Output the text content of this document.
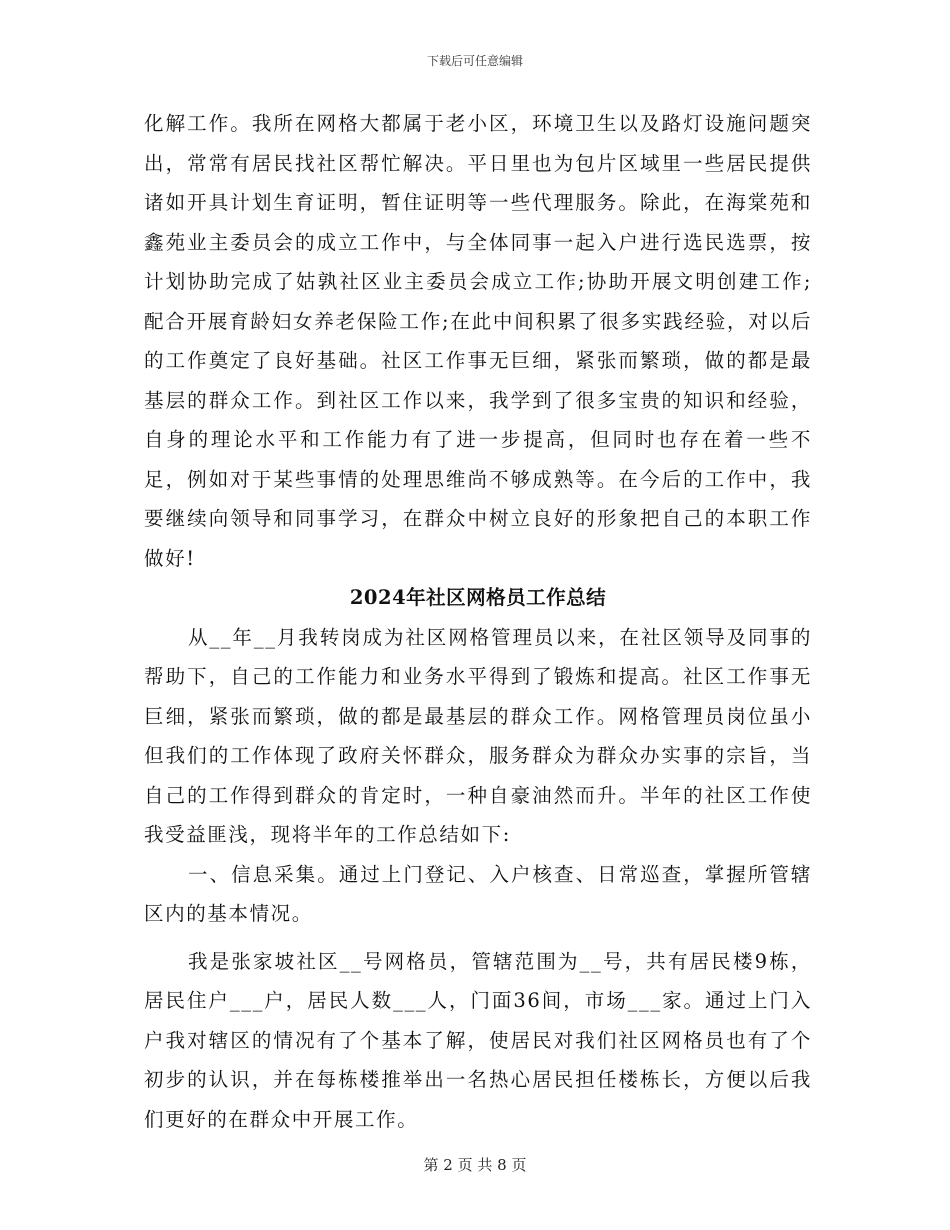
下载后可任意编辑

化解工作。我所在网格大都属于老小区，环境卫生以及路灯设施问题突出，常常有居民找社区帮忙解决。平日里也为包片区域里一些居民提供诸如开具计划生育证明，暂住证明等一些代理服务。除此，在海棠苑和鑫苑业主委员会的成立工作中，与全体同事一起入户进行选民选票，按计划协助完成了姑孰社区业主委员会成立工作;协助开展文明创建工作;配合开展育龄妇女养老保险工作;在此中间积累了很多实践经验，对以后的工作奠定了良好基础。社区工作事无巨细，紧张而繁琐，做的都是最基层的群众工作。到社区工作以来，我学到了很多宝贵的知识和经验，自身的理论水平和工作能力有了进一步提高，但同时也存在着一些不足，例如对于某些事情的处理思维尚不够成熟等。在今后的工作中，我要继续向领导和同事学习，在群众中树立良好的形象把自己的本职工作做好!

2024年社区网格员工作总结

从__年__月我转岗成为社区网格管理员以来，在社区领导及同事的帮助下，自己的工作能力和业务水平得到了锻炼和提高。社区工作事无巨细，紧张而繁琐，做的都是最基层的群众工作。网格管理员岗位虽小但我们的工作体现了政府关怀群众，服务群众为群众办实事的宗旨，当自己的工作得到群众的肯定时，一种自豪油然而升。半年的社区工作使我受益匪浅，现将半年的工作总结如下:

一、信息采集。通过上门登记、入户核查、日常巡查，掌握所管辖区内的基本情况。

我是张家坡社区__号网格员，管辖范围为__号，共有居民楼9栋，居民住户___户，居民人数___人，门面36间，市场___家。通过上门入户我对辖区的情况有了个基本了解，使居民对我们社区网格员也有了个初步的认识，并在每栋楼推举出一名热心居民担任楼栋长，方便以后我们更好的在群众中开展工作。

第 2 页 共 8 页
